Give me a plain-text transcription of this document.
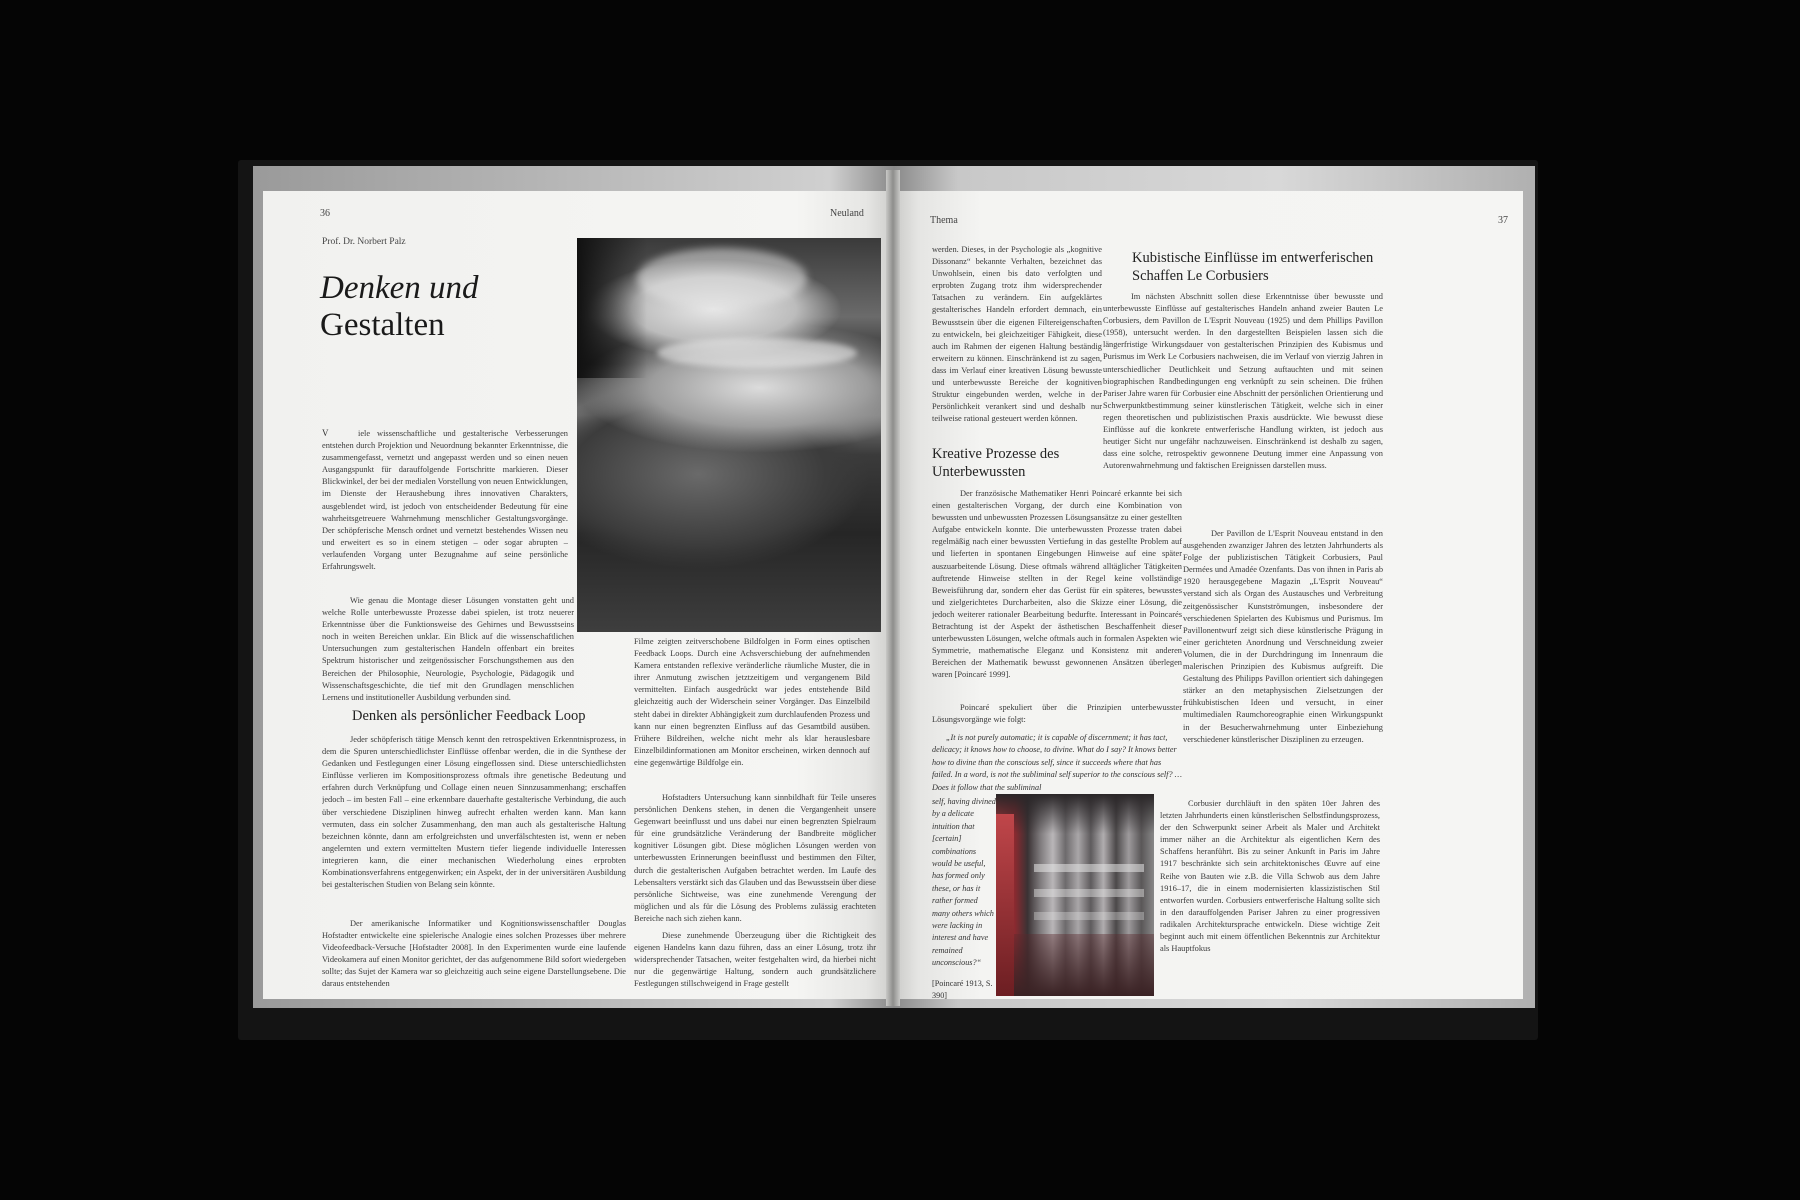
36	Neuland
Prof. Dr. Norbert Palz
Denken und
Gestalten
V	iele wissenschaftliche und gestalterische Verbesserungen entstehen durch Projektion und Neuordnung bekannter Erkenntnisse, die zusammengefasst, vernetzt und angepasst werden und so einen neuen Ausgangspunkt für darauffolgende Fortschritte markieren. Dieser Blickwinkel, der bei der medialen Vorstellung von neuen Entwicklungen, im Dienste der Heraushebung ihres innovativen Charakters, ausgeblendet wird, ist jedoch von entscheidender Bedeutung für eine wahrheitsgetreuere Wahrnehmung menschlicher Gestaltungsvorgänge. Der schöpferische Mensch ordnet und vernetzt bestehendes Wissen neu und erweitert es so in einem stetigen – oder sogar abrupten – verlaufenden Vorgang unter Bezugnahme auf seine persönliche Erfahrungswelt.

Wie genau die Montage dieser Lösungen vonstatten geht und welche Rolle unterbewusste Prozesse dabei spielen, ist trotz neuerer Erkenntnisse über die Funktionsweise des Gehirnes und Bewusstseins noch in weiten Bereichen unklar. Ein Blick auf die wissenschaftlichen Untersuchungen zum gestalterischen Handeln offenbart ein breites Spektrum historischer und zeitgenössischer Forschungsthemen aus den Bereichen der Philosophie, Neurologie, Psychologie, Pädagogik und Wissenschaftsgeschichte, die tief mit den Grundlagen menschlichen Lernens und institutioneller Ausbildung verbunden sind.

Denken als persönlicher Feedback Loop

Jeder schöpferisch tätige Mensch kennt den retrospektiven Erkenntnisprozess, in dem die Spuren unterschiedlichster Einflüsse offenbar werden, die in die Synthese der Gedanken und Festlegungen einer Lösung eingeflossen sind. Diese unterschiedlichsten Einflüsse verlieren im Kompositionsprozess oftmals ihre genetische Bedeutung und erfahren durch Verknüpfung und Collage einen neuen Sinnzusammenhang; erschaffen jedoch – im besten Fall – eine erkennbare dauerhafte gestalterische Verbindung, die auch über verschiedene Disziplinen hinweg aufrecht erhalten werden kann. Man kann vermuten, dass ein solcher Zusammenhang, den man auch als gestalterische Haltung bezeichnen könnte, dann am erfolgreichsten und unverfälschtesten ist, wenn er neben angelernten und extern vermittelten Mustern tiefer liegende individuelle Interessen integrieren kann, die einer mechanischen Wiederholung eines erprobten Kombinationsverfahrens entgegenwirken; ein Aspekt, der in der universitären Ausbildung bei gestalterischen Studien von Belang sein könnte.

Der amerikanische Informatiker und Kognitionswissenschaftler Douglas Hofstadter entwickelte eine spielerische Analogie eines solchen Prozesses über mehrere Videofeedback-Versuche [Hofstadter 2008]. In den Experimenten wurde eine laufende Videokamera auf einen Monitor gerichtet, der das aufgenommene Bild sofort wiedergeben sollte; das Sujet der Kamera war so gleichzeitig auch seine eigene Darstellungsebene. Die daraus entstehenden

Filme zeigten zeitverschobene Bildfolgen in Form eines optischen Feedback Loops. Durch eine Achsverschiebung der aufnehmenden Kamera entstanden reflexive veränderliche räumliche Muster, die in ihrer Anmutung zwischen jetztzeitigem und vergangenem Bild vermittelten. Einfach ausgedrückt war jedes entstehende Bild gleichzeitig auch der Widerschein seiner Vorgänger. Das Einzelbild steht dabei in direkter Abhängigkeit zum durchlaufenden Prozess und kann nur einen begrenzten Einfluss auf das Gesamtbild ausüben. Frühere Bildreihen, welche nicht mehr als klar herauslesbare Einzelbildinformationen am Monitor erscheinen, wirken dennoch auf eine gegenwärtige Bildfolge ein.

Hofstadters Untersuchung kann sinnbildhaft für Teile unseres persönlichen Denkens stehen, in denen die Vergangenheit unsere Gegenwart beeinflusst und uns dabei nur einen begrenzten Spielraum für eine grundsätzliche Veränderung der Bandbreite möglicher kognitiver Lösungen gibt. Diese möglichen Lösungen werden von unterbewussten Erinnerungen beeinflusst und bestimmen den Filter, durch die gestalterischen Aufgaben betrachtet werden. Im Laufe des Lebensalters verstärkt sich das Glauben und das Bewusstsein über diese persönliche Sichtweise, was eine zunehmende Verengung der möglichen und als für die Lösung des Problems zulässig erachteten Bereiche nach sich ziehen kann.

Diese zunehmende Überzeugung über die Richtigkeit des eigenen Handelns kann dazu führen, dass an einer Lösung, trotz ihr widersprechender Tatsachen, weiter festgehalten wird, da hierbei nicht nur die gegenwärtige Haltung, sondern auch grundsätzlichere Festlegungen stillschweigend in Frage gestellt

Thema	37

werden. Dieses, in der Psychologie als „kognitive Dissonanz“ bekannte Verhalten, bezeichnet das Unwohlsein, einen bis dato verfolgten und erprobten Zugang trotz ihm widersprechender Tatsachen zu verändern. Ein aufgeklärtes gestalterisches Handeln erfordert demnach, ein Bewusstsein über die eigenen Filtereigenschaften zu entwickeln, bei gleichzeitiger Fähigkeit, diese auch im Rahmen der eigenen Haltung beständig erweitern zu können. Einschränkend ist zu sagen, dass im Verlauf einer kreativen Lösung bewusste und unterbewusste Bereiche der kognitiven Struktur eingebunden werden, welche in der Persönlichkeit verankert sind und deshalb nur teilweise rational gesteuert werden können.

Kreative Prozesse des Unterbewussten

Der französische Mathematiker Henri Poincaré erkannte bei sich einen gestalterischen Vorgang, der durch eine Kombination von bewussten und unbewussten Prozessen Lösungsansätze zu einer gestellten Aufgabe entwickeln konnte. Die unterbewussten Prozesse traten dabei regelmäßig nach einer bewussten Vertiefung in das gestellte Problem auf und lieferten in spontanen Eingebungen Hinweise auf eine später auszuarbeitende Lösung. Diese oftmals während alltäglicher Tätigkeiten auftretende Hinweise stellten in der Regel keine vollständige Beweisführung dar, sondern eher das Gerüst für ein späteres, bewusstes und zielgerichtetes Durcharbeiten, also die Skizze einer Lösung, die jedoch weiterer rationaler Bearbeitung bedurfte. Interessant in Poincarés Betrachtung ist der Aspekt der ästhetischen Beschaffenheit dieser unterbewussten Lösungen, welche oftmals auch in formalen Aspekten wie Symmetrie, mathematische Eleganz und Konsistenz mit anderen Bereichen der Mathematik bewusst gewonnenen Ansätzen überlegen waren [Poincaré 1999].

Poincaré spekuliert über die Prinzipien unterbewusster Lösungsvorgänge wie folgt:

„It is not purely automatic; it is capable of discernment; it has tact, delicacy; it knows how to choose, to divine. What do I say? It knows better how to divine than the conscious self, since it succeeds where that has failed. In a word, is not the subliminal self superior to the conscious self? … Does it follow that the subliminal
self, having divined by a delicate intuition that [certain] combinations would be useful, has formed only these, or has it rather formed many others which were lacking in interest and have remained unconscious?“
[Poincaré 1913, S. 390]
Kubistische Einflüsse im entwerferischen Schaffen Le Corbusiers

Im nächsten Abschnitt sollen diese Erkenntnisse über bewusste und unterbewusste Einflüsse auf gestalterisches Handeln anhand zweier Bauten Le Corbusiers, dem Pavillon de L'Esprit Nouveau (1925) und dem Phillips Pavillon (1958), untersucht werden. In den dargestellten Beispielen lassen sich die längerfristige Wirkungsdauer von gestalterischen Prinzipien des Kubismus und Purismus im Werk Le Corbusiers nachweisen, die im Verlauf von vierzig Jahren in unterschiedlicher Deutlichkeit und Setzung auftauchten und mit seinen biographischen Randbedingungen eng verknüpft zu sein scheinen. Die frühen Pariser Jahre waren für Corbusier eine Abschnitt der persönlichen Orientierung und Schwerpunktbestimmung seiner künstlerischen Tätigkeit, welche sich in einer regen theoretischen und publizistischen Praxis ausdrückte. Wie bewusst diese Einflüsse auf die konkrete entwerferische Handlung wirkten, ist jedoch aus heutiger Sicht nur ungefähr nachzuweisen. Einschränkend ist deshalb zu sagen, dass eine solche, retrospektiv gewonnene Deutung immer eine Anpassung von Autorenwahrnehmung und faktischen Ereignissen darstellen muss.

Der Pavillon de L'Esprit Nouveau entstand in den ausgehenden zwanziger Jahren des letzten Jahrhunderts als Folge der publizistischen Tätigkeit Corbusiers, Paul Dermées und Amadée Ozenfants. Das von ihnen in Paris ab 1920 herausgegebene Magazin „L'Esprit Nouveau“ verstand sich als Organ des Austausches und Verbreitung zeitgenössischer Kunstströmungen, insbesondere der verschiedenen Spielarten des Kubismus und Purismus. Im Pavillonentwurf zeigt sich diese künstlerische Prägung in einer gerichteten Anordnung und Verschneidung zweier Volumen, die in der Durchdringung im Innenraum die malerischen Prinzipien des Kubismus aufgreift. Die Gestaltung des Philipps Pavillon orientiert sich dahingegen stärker an den metaphysischen Zielsetzungen der frühkubistischen Ideen und versucht, in einer multimedialen Raumchoreographie einen Wirkungspunkt in der Besucherwahrnehmung unter Einbeziehung verschiedener künstlerischer Disziplinen zu erzeugen.

Corbusier durchläuft in den späten 10er Jahren des letzten Jahrhunderts einen künstlerischen Selbstfindungsprozess, der den Schwerpunkt seiner Arbeit als Maler und Architekt immer näher an die Architektur als eigentlichen Kern des Schaffens heranführt. Bis zu seiner Ankunft in Paris im Jahre 1917 beschränkte sich sein architektonisches Œuvre auf eine Reihe von Bauten wie z.B. die Villa Schwob aus dem Jahre 1916–17, die in einem modernisierten klassizistischen Stil entworfen wurden. Corbusiers entwerferische Haltung sollte sich in den darauffolgenden Pariser Jahren zu einer progressiven radikalen Architektursprache entwickeln. Diese wichtige Zeit beginnt auch mit einem öffentlichen Bekenntnis zur Architektur als Hauptfokus
